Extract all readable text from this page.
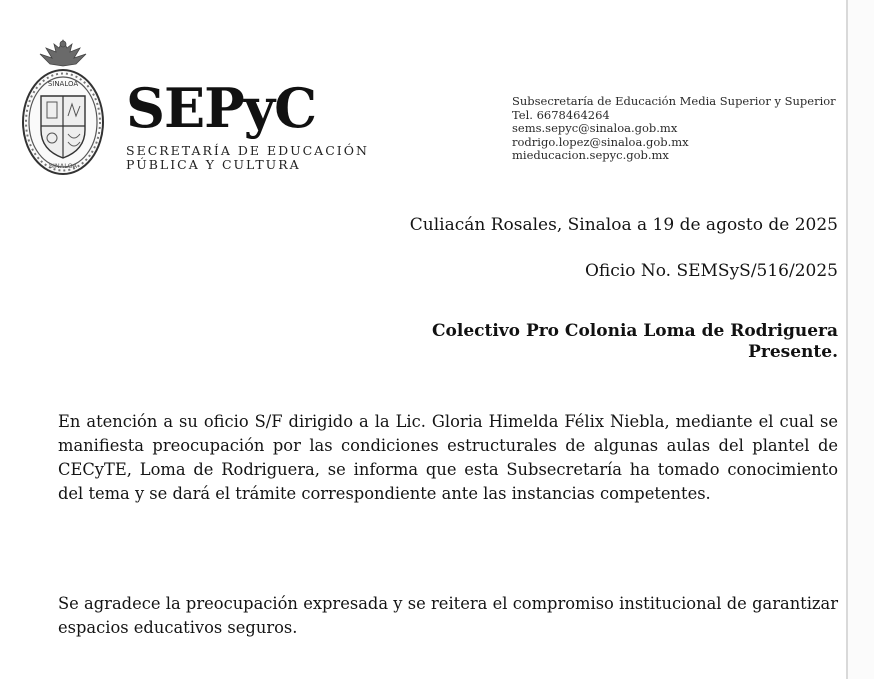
SINALOA
SINALOA
SEPyC
SECRETARÍA DE EDUCACIÓN
PÚBLICA Y CULTURA
Subsecretaría de Educación Media Superior y Superior
Tel. 6678464264
sems.sepyc@sinaloa.gob.mx
rodrigo.lopez@sinaloa.gob.mx
mieducacion.sepyc.gob.mx
Culiacán Rosales, Sinaloa a 19 de agosto de 2025
Oficio No. SEMSyS/516/2025
Colectivo Pro Colonia Loma de Rodriguera
Presente.

En atención a su oficio S/F dirigido a la Lic. Gloria Himelda Félix Niebla, mediante el cual se manifiesta preocupación por las condiciones estructurales de algunas aulas del plantel de CECyTE, Loma de Rodriguera, se informa que esta Subsecretaría ha tomado conocimiento del tema y se dará el trámite correspondiente ante las instancias competentes.

Se agradece la preocupación expresada y se reitera el compromiso institucional de garantizar espacios educativos seguros.
